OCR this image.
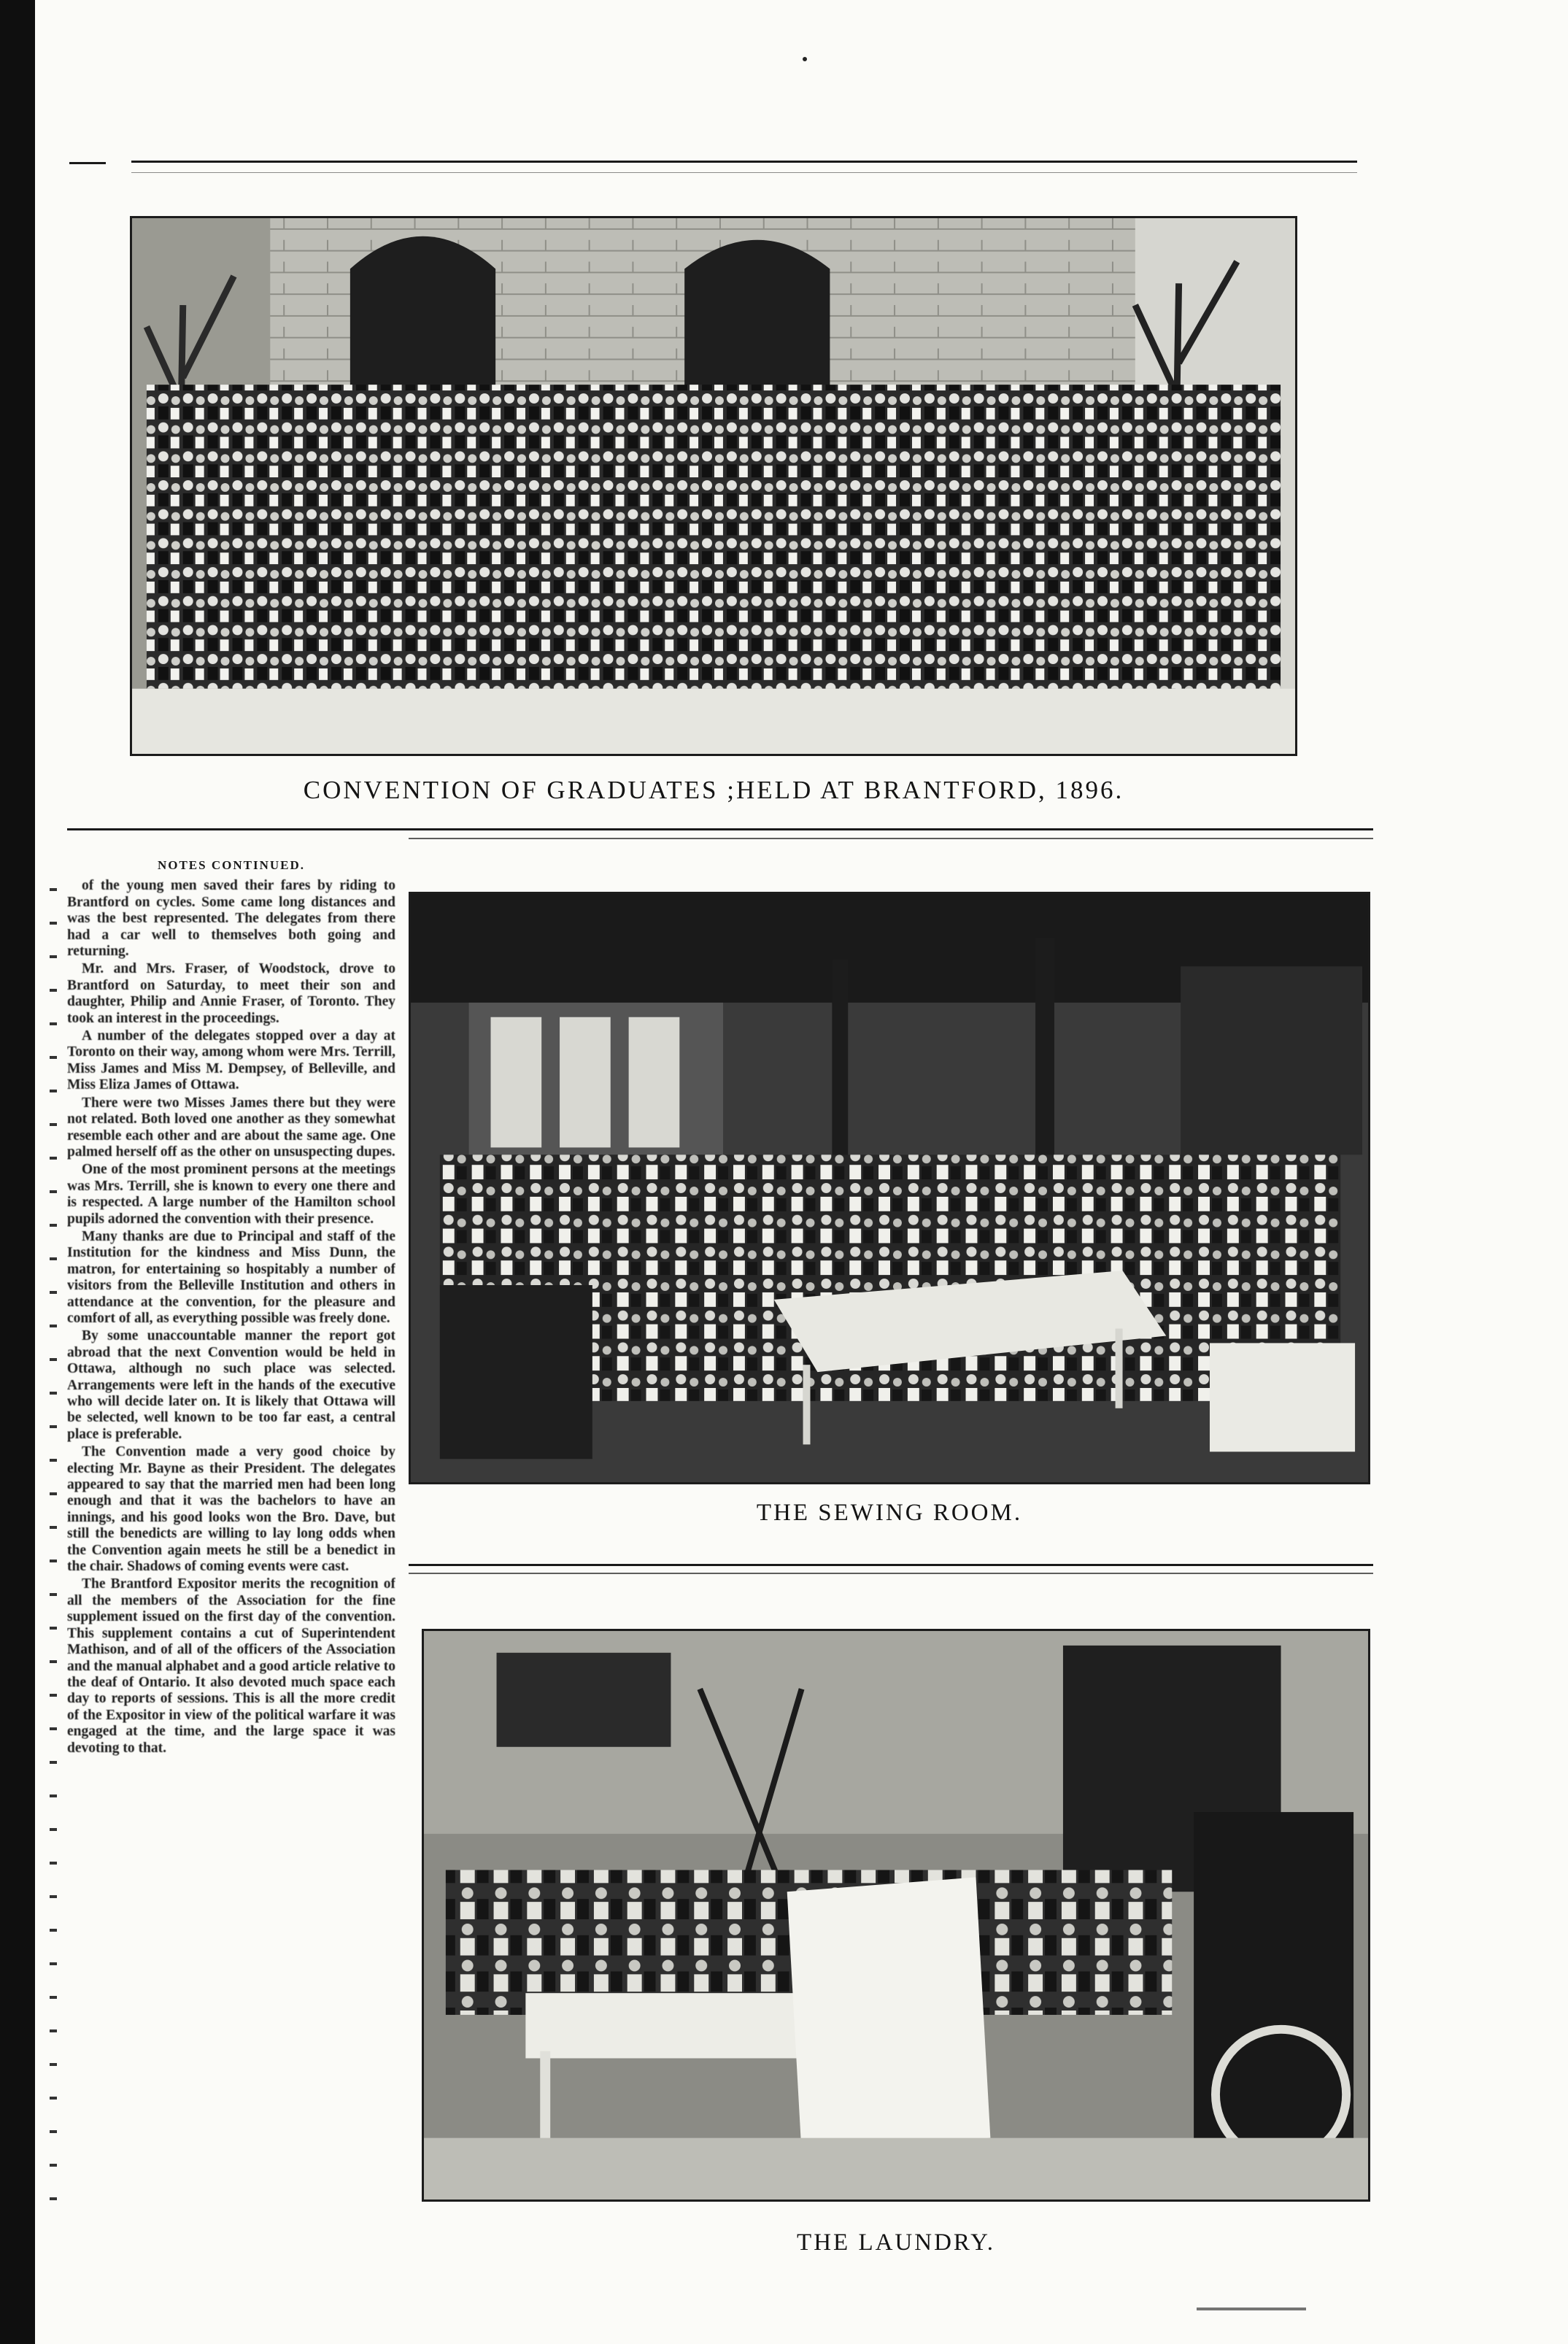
CONVENTION OF GRADUATES ;HELD AT BRANTFORD, 1896.
NOTES CONTINUED.

of the young men saved their fares by riding to Brantford on cycles. Some came long distances and was the best represented. The delegates from there had a car well to themselves both going and returning.

Mr. and Mrs. Fraser, of Woodstock, drove to Brantford on Saturday, to meet their son and daughter, Philip and Annie Fraser, of Toronto. They took an interest in the proceedings.

A number of the delegates stopped over a day at Toronto on their way, among whom were Mrs. Terrill, Miss James and Miss M. Dempsey, of Belleville, and Miss Eliza James of Ottawa.

There were two Misses James there but they were not related. Both loved one another as they somewhat resemble each other and are about the same age. One palmed herself off as the other on unsuspecting dupes.

One of the most prominent persons at the meetings was Mrs. Terrill, she is known to every one there and is respected. A large number of the Hamilton school pupils adorned the convention with their presence.

Many thanks are due to Principal and staff of the Institution for the kindness and Miss Dunn, the matron, for entertaining so hospitably a number of visitors from the Belleville Institution and others in attendance at the convention, for the pleasure and comfort of all, as everything possible was freely done.

By some unaccountable manner the report got abroad that the next Convention would be held in Ottawa, although no such place was selected. Arrangements were left in the hands of the executive who will decide later on. It is likely that Ottawa will be selected, well known to be too far east, a central place is preferable.

The Convention made a very good choice by electing Mr. Bayne as their President. The delegates appeared to say that the married men had been long enough and that it was the bachelors to have an innings, and his good looks won the Bro. Dave, but still the benedicts are willing to lay long odds when the Convention again meets he still be a benedict in the chair. Shadows of coming events were cast.

The Brantford Expositor merits the recognition of all the members of the Association for the fine supplement issued on the first day of the convention. This supplement contains a cut of Superintendent Mathison, and of all of the officers of the Association and the manual alphabet and a good article relative to the deaf of Ontario. It also devoted much space each day to reports of sessions. This is all the more credit of the Expositor in view of the political warfare it was engaged at the time, and the large space it was devoting to that.

THE SEWING ROOM.
THE LAUNDRY.
